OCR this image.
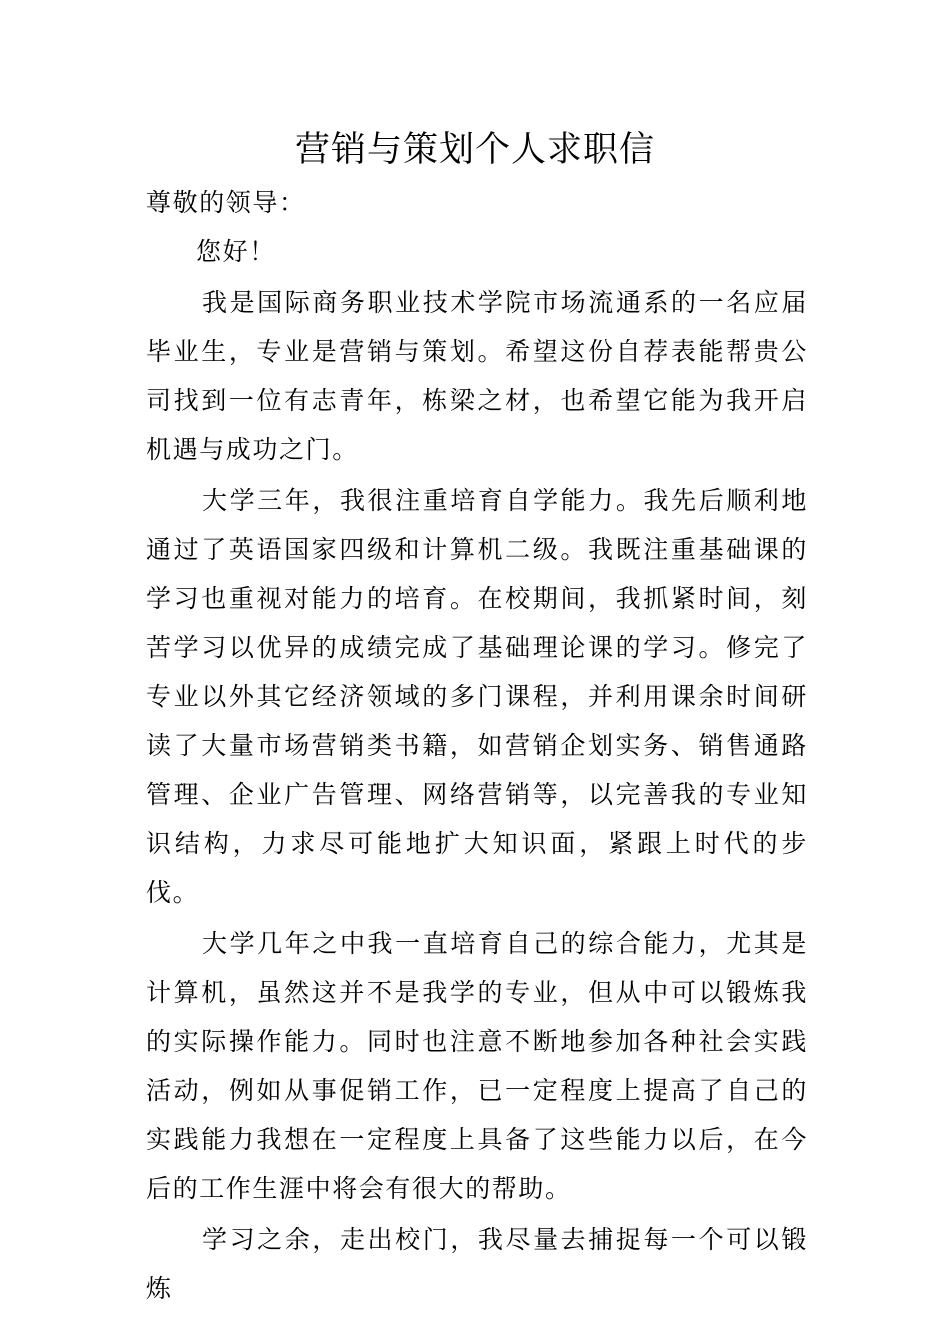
营销与策划个人求职信

尊敬的领导：

您好！

我是国际商务职业技术学院市场流通系的一名应届毕业生，专业是营销与策划。希望这份自荐表能帮贵公司找到一位有志青年，栋梁之材，也希望它能为我开启机遇与成功之门。

大学三年，我很注重培育自学能力。我先后顺利地通过了英语国家四级和计算机二级。我既注重基础课的学习也重视对能力的培育。在校期间，我抓紧时间，刻苦学习以优异的成绩完成了基础理论课的学习。修完了专业以外其它经济领域的多门课程，并利用课余时间研读了大量市场营销类书籍，如营销企划实务、销售通路管理、企业广告管理、网络营销等，以完善我的专业知识结构，力求尽可能地扩大知识面，紧跟上时代的步伐。

大学几年之中我一直培育自己的综合能力，尤其是计算机，虽然这并不是我学的专业，但从中可以锻炼我的实际操作能力。同时也注意不断地参加各种社会实践活动，例如从事促销工作，已一定程度上提高了自己的实践能力我想在一定程度上具备了这些能力以后，在今后的工作生涯中将会有很大的帮助。

学习之余，走出校门，我尽量去捕捉每一个可以锻炼
